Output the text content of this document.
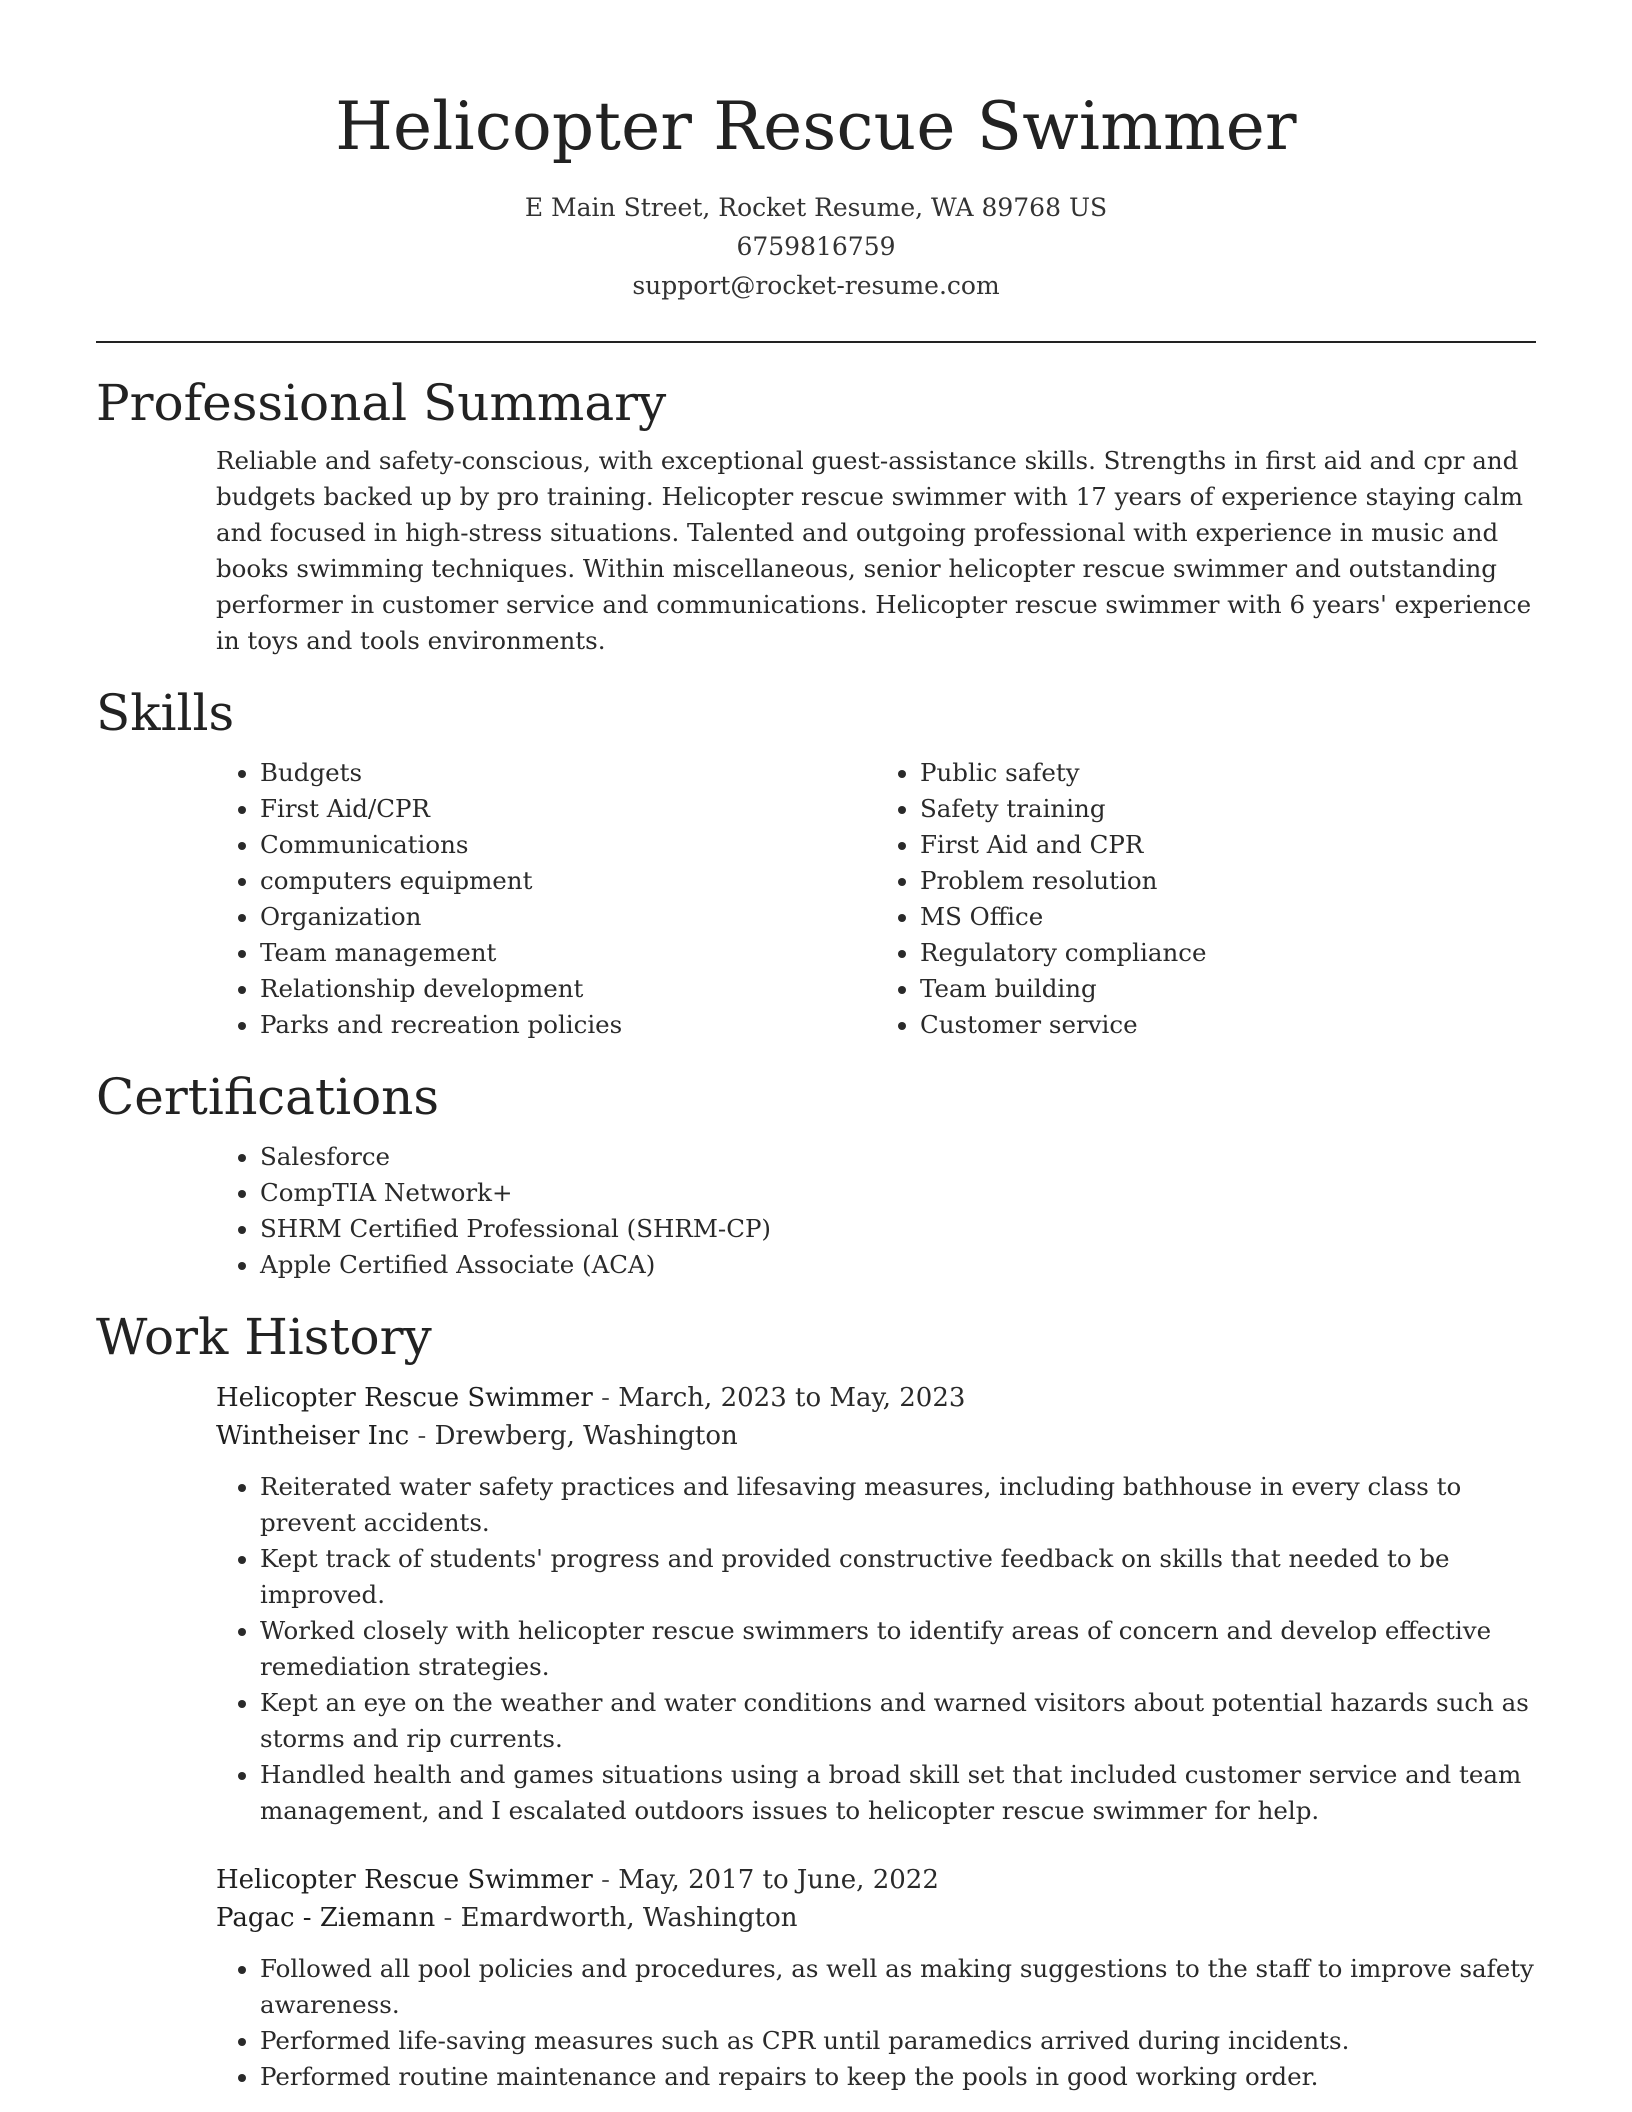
Helicopter Rescue Swimmer
E Main Street, Rocket Resume, WA 89768 US
6759816759
support@rocket-resume.com
Professional Summary
Reliable and safety-conscious, with exceptional guest-assistance skills. Strengths in first aid and cpr and budgets backed up by pro training. Helicopter rescue swimmer with 17 years of experience staying calm and focused in high-stress situations. Talented and outgoing professional with experience in music and books swimming techniques. Within miscellaneous, senior helicopter rescue swimmer and outstanding performer in customer service and communications. Helicopter rescue swimmer with 6 years' experience in toys and tools environments.
Skills
• Budgets
• First Aid/CPR
• Communications
• computers equipment
• Organization
• Team management
• Relationship development
• Parks and recreation policies
• Public safety
• Safety training
• First Aid and CPR
• Problem resolution
• MS Office
• Regulatory compliance
• Team building
• Customer service
Certifications
• Salesforce
• CompTIA Network+
• SHRM Certified Professional (SHRM-CP)
• Apple Certified Associate (ACA)
Work History
Helicopter Rescue Swimmer - March, 2023 to May, 2023
Wintheiser Inc - Drewberg, Washington
• Reiterated water safety practices and lifesaving measures, including bathhouse in every class to prevent accidents.
• Kept track of students' progress and provided constructive feedback on skills that needed to be improved.
• Worked closely with helicopter rescue swimmers to identify areas of concern and develop effective remediation strategies.
• Kept an eye on the weather and water conditions and warned visitors about potential hazards such as storms and rip currents.
• Handled health and games situations using a broad skill set that included customer service and team management, and I escalated outdoors issues to helicopter rescue swimmer for help.
Helicopter Rescue Swimmer - May, 2017 to June, 2022
Pagac - Ziemann - Emardworth, Washington
• Followed all pool policies and procedures, as well as making suggestions to the staff to improve safety awareness.
• Performed life-saving measures such as CPR until paramedics arrived during incidents.
• Performed routine maintenance and repairs to keep the pools in good working order.
